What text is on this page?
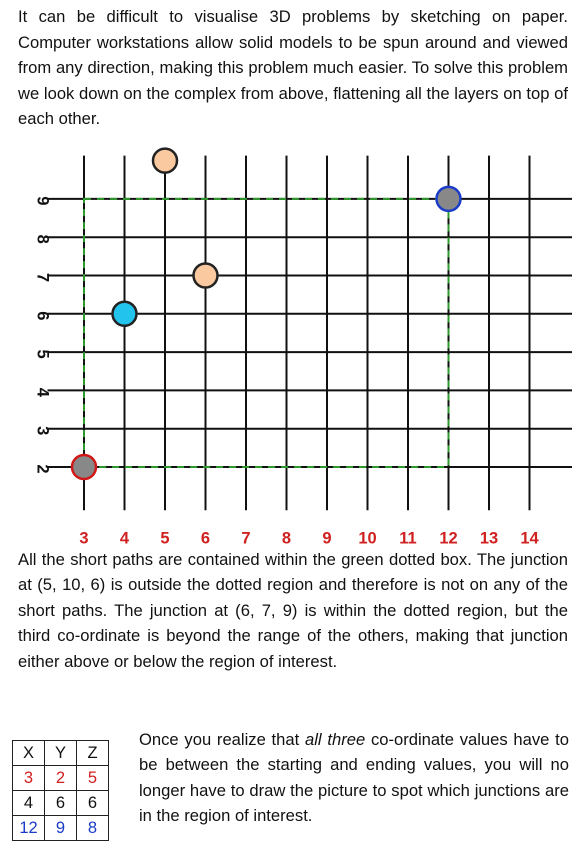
It can be difficult to visualise 3D problems by sketching on paper. Computer workstations allow solid models to be spun around and viewed from any direction, making this problem much easier. To solve this problem we look down on the complex from above, flattening all the layers on top of each other.

3 4 5 6 7 8 9 10 11 12 13 14
2
3
4
5
6
7
8
9

All the short paths are contained within the green dotted box. The junction at (5, 10, 6) is outside the dotted region and therefore is not on any of the short paths. The junction at (6, 7, 9) is within the dotted region, but the third co-ordinate is beyond the range of the others, making that junction either above or below the region of interest.

X	Y	Z
3	2	5
4	6	6
12	9	8

Once you realize that all three co-ordinate values have to be between the starting and ending values, you will no longer have to draw the picture to spot which junctions are in the region of interest.
